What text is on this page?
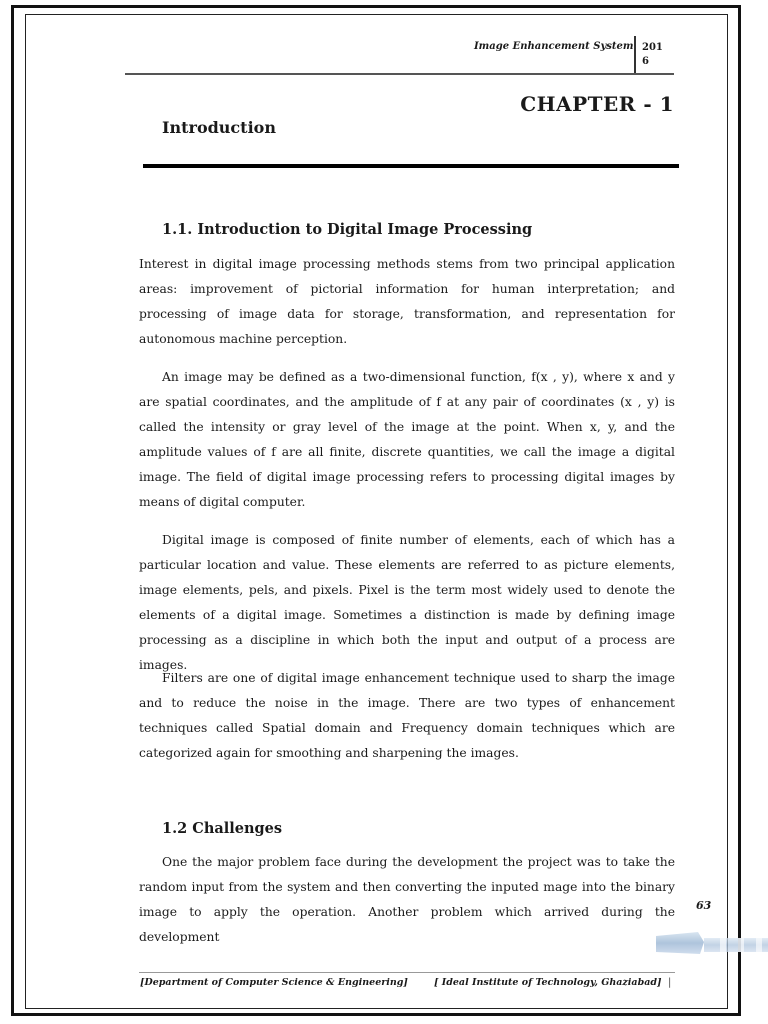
Image Enhancement System 2016
CHAPTER - 1
Introduction
1.1. Introduction to Digital Image Processing

Interest in digital image processing methods stems from two principal application areas: improvement of pictorial information for human interpretation; and processing of image data for storage, transformation, and representation for autonomous machine perception.

An image may be defined as a two-dimensional function, f(x , y), where x and y are spatial coordinates, and the amplitude of f at any pair of coordinates (x , y) is called the intensity or gray level of the image at the point. When x, y, and the amplitude values of f are all finite, discrete quantities, we call the image a digital image. The field of digital image processing refers to processing digital images by means of digital computer.

Digital image is composed of finite number of elements, each of which has a particular location and value. These elements are referred to as picture elements, image elements, pels, and pixels. Pixel is the term most widely used to denote the elements of a digital image. Sometimes a distinction is made by defining image processing as a discipline in which both the input and output of a process are images.

Filters are one of digital image enhancement technique used to sharp the image and to reduce the noise in the image. There are two types of enhancement techniques called Spatial domain and Frequency domain techniques which are categorized again for smoothing and sharpening the images.

1.2 Challenges

One the major problem face during the development the project was to take the random input from the system and then converting the inputed mage into the binary image to apply the operation. Another problem which arrived during the development

63
[Department of Computer Science & Engineering]	[ Ideal Institute of Technology, Ghaziabad] |
